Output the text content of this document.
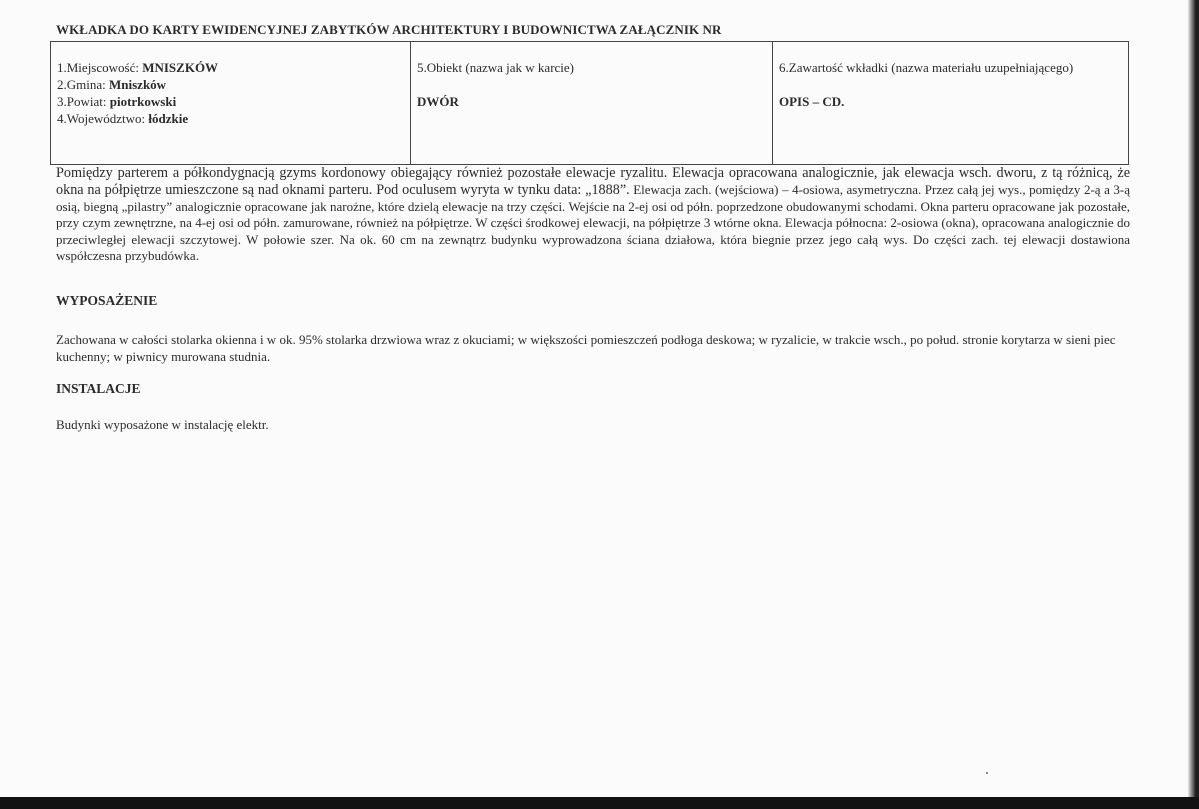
WKŁADKA DO KARTY EWIDENCYJNEJ ZABYTKÓW ARCHITEKTURY I BUDOWNICTWA ZAŁĄCZNIK NR
1.Miejscowość: MNISZKÓW
2.Gmina: Mniszków
3.Powiat: piotrkowski
4.Województwo: łódzkie
5.Obiekt (nazwa jak w karcie)
DWÓR
6.Zawartość wkładki (nazwa materiału uzupełniającego)
OPIS – CD.
Pomiędzy parterem a półkondygnacją gzyms kordonowy obiegający również pozostałe elewacje ryzalitu. Elewacja opracowana analogicznie, jak elewacja wsch. dworu, z tą różnicą, że okna na półpiętrze umieszczone są nad oknami parteru. Pod oculusem wyryta w tynku data: „1888”. Elewacja zach. (wejściowa) – 4-osiowa, asymetryczna. Przez całą jej wys., pomiędzy 2-ą a 3-ą osią, biegną „pilastry” analogicznie opracowane jak narożne, które dzielą elewacje na trzy części. Wejście na 2-ej osi od półn. poprzedzone obudowanymi schodami. Okna parteru opracowane jak pozostałe, przy czym zewnętrzne, na 4-ej osi od półn. zamurowane, również na półpiętrze. W części środkowej elewacji, na półpiętrze 3 wtórne okna. Elewacja północna: 2-osiowa (okna), opracowana analogicznie do przeciwległej elewacji szczytowej. W połowie szer. Na ok. 60 cm na zewnątrz budynku wyprowadzona ściana działowa, która biegnie przez jego całą wys. Do części zach. tej elewacji dostawiona współczesna przybudówka.
WYPOSAŻENIE
Zachowana w całości stolarka okienna i w ok. 95% stolarka drzwiowa wraz z okuciami; w większości pomieszczeń podłoga deskowa; w ryzalicie, w trakcie wsch., po połud. stronie korytarza w sieni piec kuchenny; w piwnicy murowana studnia.
INSTALACJE
Budynki wyposażone w instalację elektr.
